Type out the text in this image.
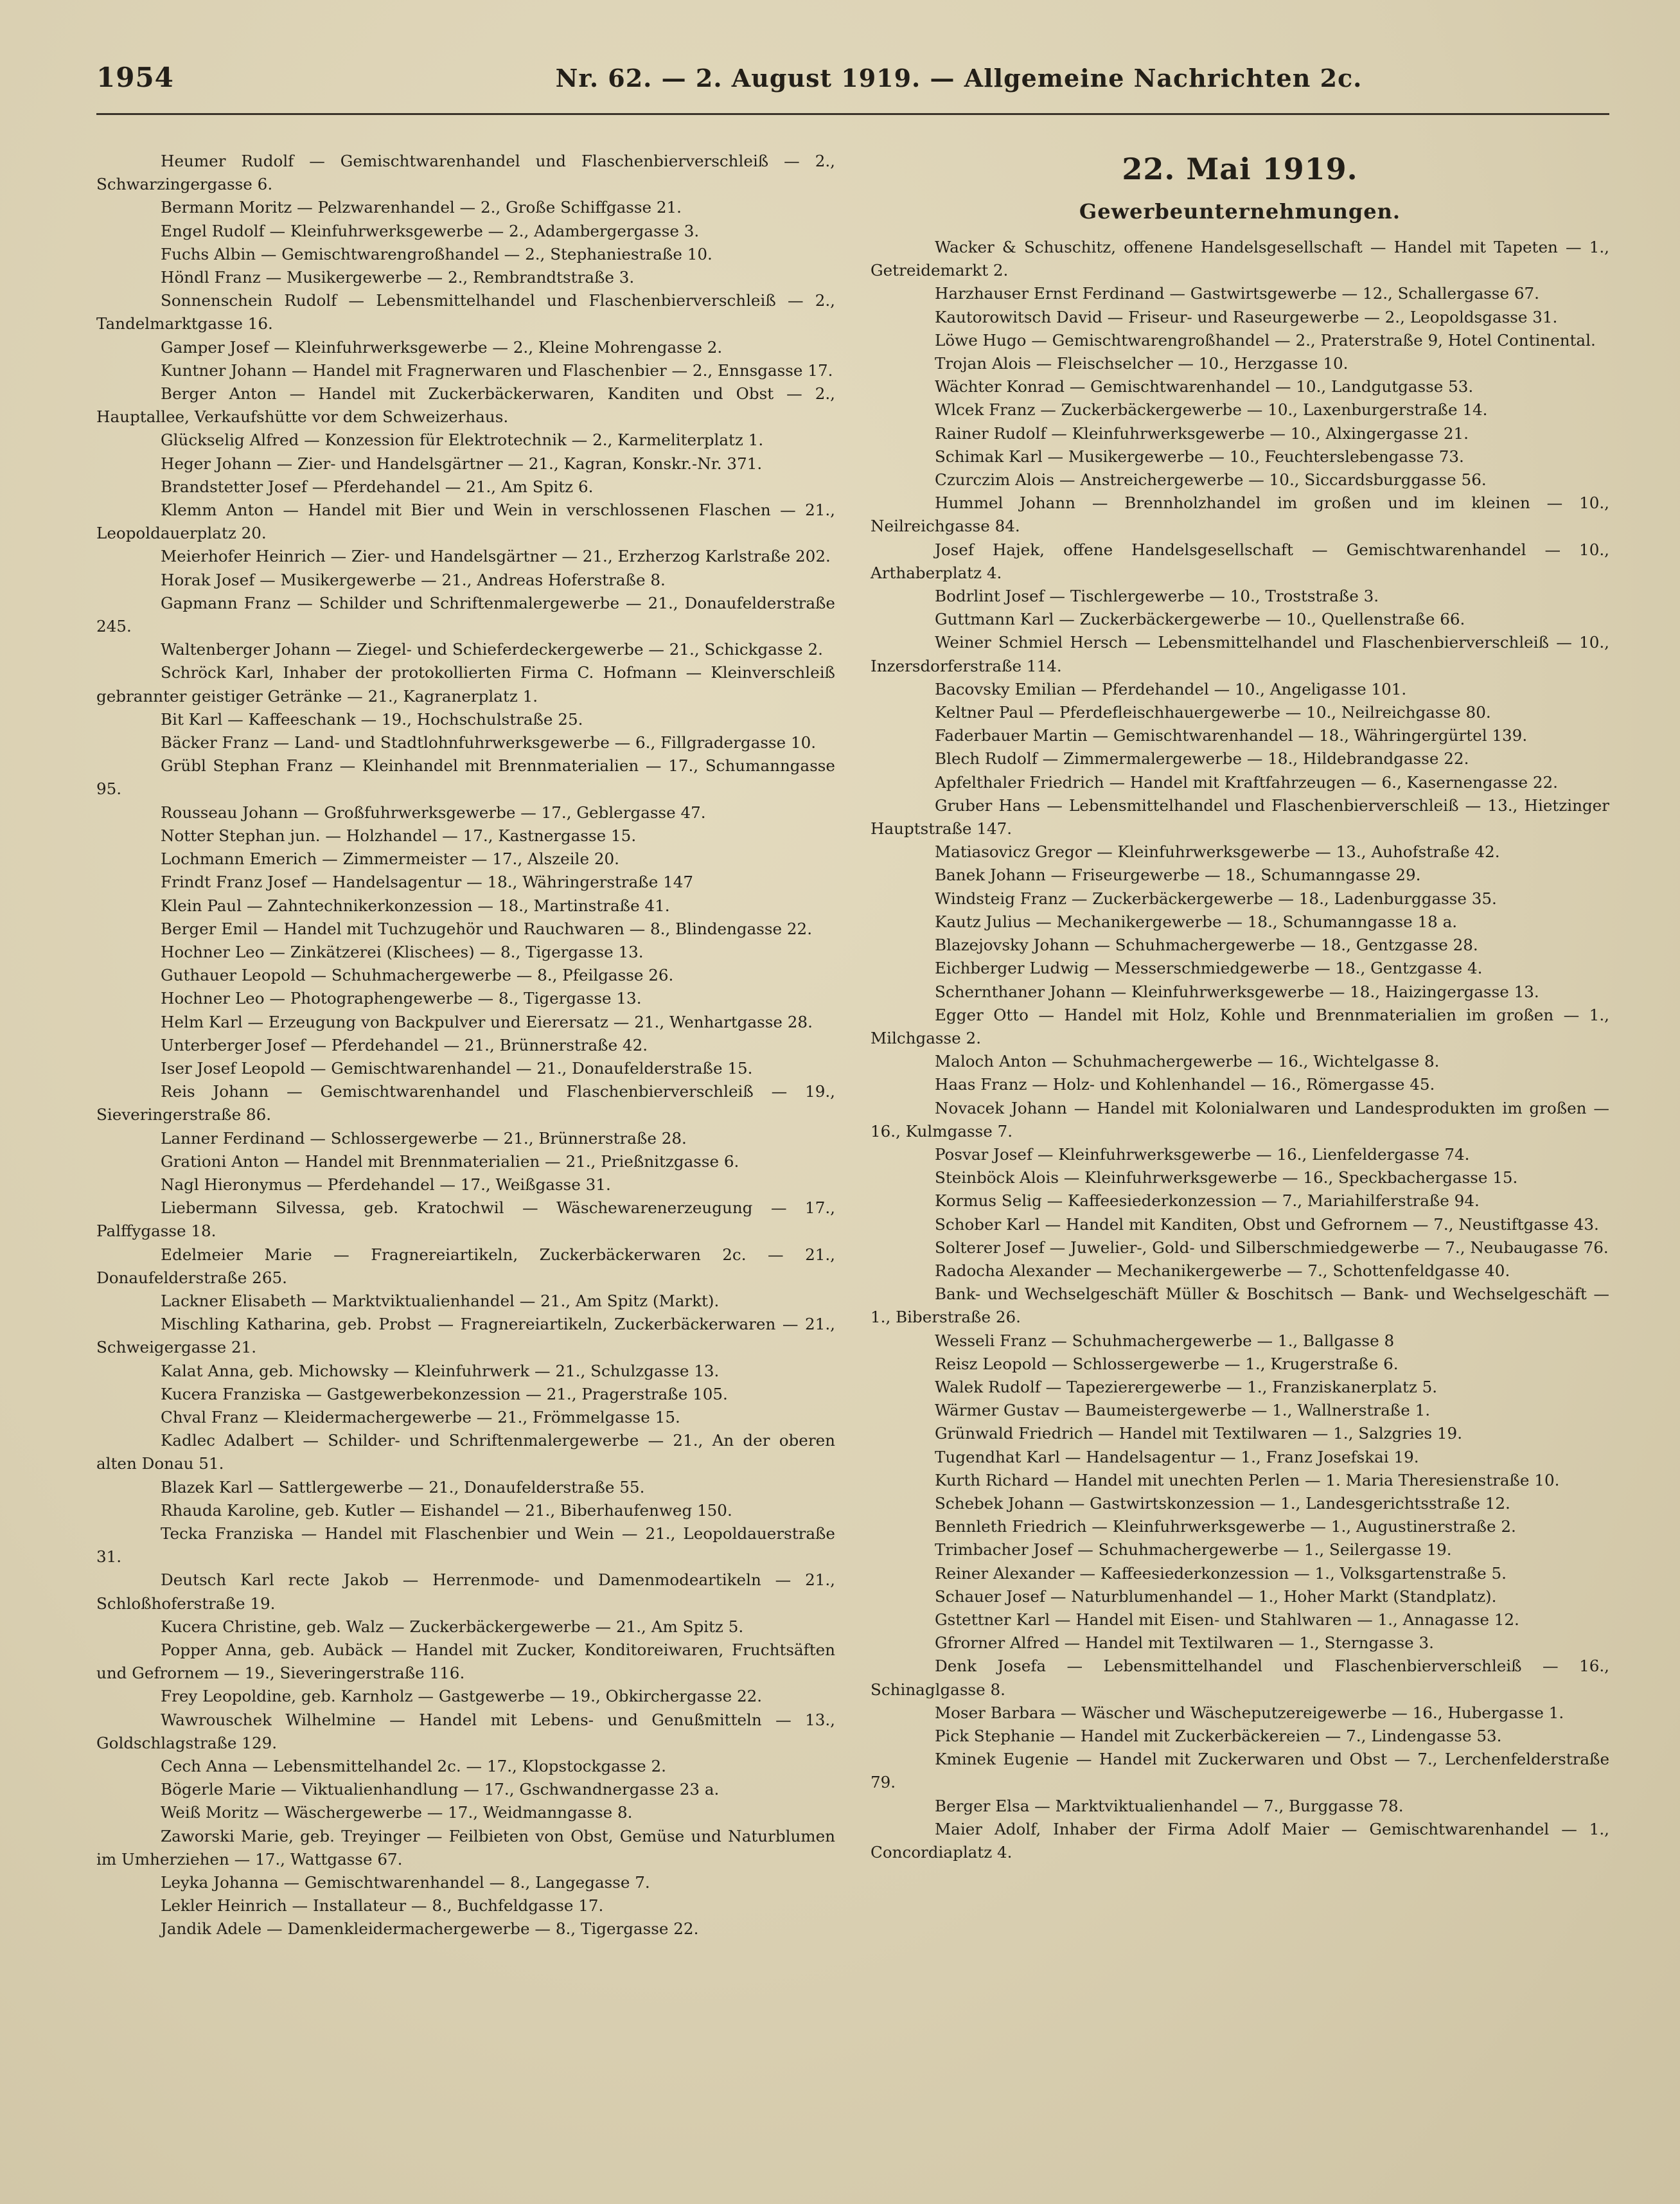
1954	Nr. 62. — 2. August 1919. — Allgemeine Nachrichten 2c.

Heumer Rudolf — Gemischtwarenhandel und Flaschenbierverschleiß — 2., Schwarzingergasse 6.

Bermann Moritz — Pelzwarenhandel — 2., Große Schiffgasse 21.

Engel Rudolf — Kleinfuhrwerksgewerbe — 2., Adambergergasse 3.

Fuchs Albin — Gemischtwarengroßhandel — 2., Stephaniestraße 10.

Höndl Franz — Musikergewerbe — 2., Rembrandtstraße 3.

Sonnenschein Rudolf — Lebensmittelhandel und Flaschenbierverschleiß — 2., Tandelmarktgasse 16.

Gamper Josef — Kleinfuhrwerksgewerbe — 2., Kleine Mohrengasse 2.

Kuntner Johann — Handel mit Fragnerwaren und Flaschenbier — 2., Ennsgasse 17.

Berger Anton — Handel mit Zuckerbäckerwaren, Kanditen und Obst — 2., Hauptallee, Verkaufshütte vor dem Schweizerhaus.

Glückselig Alfred — Konzession für Elektrotechnik — 2., Karmeliterplatz 1.

Heger Johann — Zier- und Handelsgärtner — 21., Kagran, Konskr.-Nr. 371.

Brandstetter Josef — Pferdehandel — 21., Am Spitz 6.

Klemm Anton — Handel mit Bier und Wein in verschlossenen Flaschen — 21., Leopoldauerplatz 20.

Meierhofer Heinrich — Zier- und Handelsgärtner — 21., Erzherzog Karlstraße 202.

Horak Josef — Musikergewerbe — 21., Andreas Hoferstraße 8.

Gapmann Franz — Schilder und Schriftenmalergewerbe — 21., Donaufelderstraße 245.

Waltenberger Johann — Ziegel- und Schieferdeckergewerbe — 21., Schickgasse 2.

Schröck Karl, Inhaber der protokollierten Firma C. Hofmann — Kleinverschleiß gebrannter geistiger Getränke — 21., Kagranerplatz 1.

Bit Karl — Kaffeeschank — 19., Hochschulstraße 25.

Bäcker Franz — Land- und Stadtlohnfuhrwerksgewerbe — 6., Fillgradergasse 10.

Grübl Stephan Franz — Kleinhandel mit Brennmaterialien — 17., Schumanngasse 95.

Rousseau Johann — Großfuhrwerksgewerbe — 17., Geblergasse 47.

Notter Stephan jun. — Holzhandel — 17., Kastnergasse 15.

Lochmann Emerich — Zimmermeister — 17., Alszeile 20.

Frindt Franz Josef — Handelsagentur — 18., Währingerstraße 147

Klein Paul — Zahntechnikerkonzession — 18., Martinstraße 41.

Berger Emil — Handel mit Tuchzugehör und Rauchwaren — 8., Blindengasse 22.

Hochner Leo — Zinkätzerei (Klischees) — 8., Tigergasse 13.

Guthauer Leopold — Schuhmachergewerbe — 8., Pfeilgasse 26.

Hochner Leo — Photographengewerbe — 8., Tigergasse 13.

Helm Karl — Erzeugung von Backpulver und Eierersatz — 21., Wenhartgasse 28.

Unterberger Josef — Pferdehandel — 21., Brünnerstraße 42.

Iser Josef Leopold — Gemischtwarenhandel — 21., Donaufelderstraße 15.

Reis Johann — Gemischtwarenhandel und Flaschenbierverschleiß — 19., Sieveringerstraße 86.

Lanner Ferdinand — Schlossergewerbe — 21., Brünnerstraße 28.

Grationi Anton — Handel mit Brennmaterialien — 21., Prießnitzgasse 6.

Nagl Hieronymus — Pferdehandel — 17., Weißgasse 31.

Liebermann Silvessa, geb. Kratochwil — Wäschewarenerzeugung — 17., Palffygasse 18.

Edelmeier Marie — Fragnereiartikeln, Zuckerbäckerwaren 2c. — 21., Donaufelderstraße 265.

Lackner Elisabeth — Marktviktualienhandel — 21., Am Spitz (Markt).

Mischling Katharina, geb. Probst — Fragnereiartikeln, Zuckerbäckerwaren — 21., Schweigergasse 21.

Kalat Anna, geb. Michowsky — Kleinfuhrwerk — 21., Schulzgasse 13.

Kucera Franziska — Gastgewerbekonzession — 21., Pragerstraße 105.

Chval Franz — Kleidermachergewerbe — 21., Frömmelgasse 15.

Kadlec Adalbert — Schilder- und Schriftenmalergewerbe — 21., An der oberen alten Donau 51.

Blazek Karl — Sattlergewerbe — 21., Donaufelderstraße 55.

Rhauda Karoline, geb. Kutler — Eishandel — 21., Biberhaufenweg 150.

Tecka Franziska — Handel mit Flaschenbier und Wein — 21., Leopoldauerstraße 31.

Deutsch Karl recte Jakob — Herrenmode- und Damenmodeartikeln — 21., Schloßhoferstraße 19.

Kucera Christine, geb. Walz — Zuckerbäckergewerbe — 21., Am Spitz 5.

Popper Anna, geb. Aubäck — Handel mit Zucker, Konditoreiwaren, Fruchtsäften und Gefrornem — 19., Sieveringerstraße 116.

Frey Leopoldine, geb. Karnholz — Gastgewerbe — 19., Obkirchergasse 22.

Wawrouschek Wilhelmine — Handel mit Lebens- und Genußmitteln — 13., Goldschlagstraße 129.

Cech Anna — Lebensmittelhandel 2c. — 17., Klopstockgasse 2.

Bögerle Marie — Viktualienhandlung — 17., Gschwandnergasse 23 a.

Weiß Moritz — Wäschergewerbe — 17., Weidmanngasse 8.

Zaworski Marie, geb. Treyinger — Feilbieten von Obst, Gemüse und Naturblumen im Umherziehen — 17., Wattgasse 67.

Leyka Johanna — Gemischtwarenhandel — 8., Langegasse 7.

Lekler Heinrich — Installateur — 8., Buchfeldgasse 17.

Jandik Adele — Damenkleidermachergewerbe — 8., Tigergasse 22.

22. Mai 1919.
Gewerbeunternehmungen.

Wacker & Schuschitz, offenene Handelsgesellschaft — Handel mit Tapeten — 1., Getreidemarkt 2.

Harzhauser Ernst Ferdinand — Gastwirtsgewerbe — 12., Schallergasse 67.

Kautorowitsch David — Friseur- und Raseurgewerbe — 2., Leopoldsgasse 31.

Löwe Hugo — Gemischtwarengroßhandel — 2., Praterstraße 9, Hotel Continental.

Trojan Alois — Fleischselcher — 10., Herzgasse 10.

Wächter Konrad — Gemischtwarenhandel — 10., Landgutgasse 53.

Wlcek Franz — Zuckerbäckergewerbe — 10., Laxenburgerstraße 14.

Rainer Rudolf — Kleinfuhrwerksgewerbe — 10., Alxingergasse 21.

Schimak Karl — Musikergewerbe — 10., Feuchterslebengasse 73.

Czurczim Alois — Anstreichergewerbe — 10., Siccardsburggasse 56.

Hummel Johann — Brennholzhandel im großen und im kleinen — 10., Neilreichgasse 84.

Josef Hajek, offene Handelsgesellschaft — Gemischtwarenhandel — 10., Arthaberplatz 4.

Bodrlint Josef — Tischlergewerbe — 10., Troststraße 3.

Guttmann Karl — Zuckerbäckergewerbe — 10., Quellenstraße 66.

Weiner Schmiel Hersch — Lebensmittelhandel und Flaschenbierverschleiß — 10., Inzersdorferstraße 114.

Bacovsky Emilian — Pferdehandel — 10., Angeligasse 101.

Keltner Paul — Pferdefleischhauergewerbe — 10., Neilreichgasse 80.

Faderbauer Martin — Gemischtwarenhandel — 18., Währingergürtel 139.

Blech Rudolf — Zimmermalergewerbe — 18., Hildebrandgasse 22.

Apfelthaler Friedrich — Handel mit Kraftfahrzeugen — 6., Kasernengasse 22.

Gruber Hans — Lebensmittelhandel und Flaschenbierverschleiß — 13., Hietzinger Hauptstraße 147.

Matiasovicz Gregor — Kleinfuhrwerksgewerbe — 13., Auhofstraße 42.

Banek Johann — Friseurgewerbe — 18., Schumanngasse 29.

Windsteig Franz — Zuckerbäckergewerbe — 18., Ladenburggasse 35.

Kautz Julius — Mechanikergewerbe — 18., Schumanngasse 18 a.

Blazejovsky Johann — Schuhmachergewerbe — 18., Gentzgasse 28.

Eichberger Ludwig — Messerschmiedgewerbe — 18., Gentzgasse 4.

Schernthaner Johann — Kleinfuhrwerksgewerbe — 18., Haizingergasse 13.

Egger Otto — Handel mit Holz, Kohle und Brennmaterialien im großen — 1., Milchgasse 2.

Maloch Anton — Schuhmachergewerbe — 16., Wichtelgasse 8.

Haas Franz — Holz- und Kohlenhandel — 16., Römergasse 45.

Novacek Johann — Handel mit Kolonialwaren und Landesprodukten im großen — 16., Kulmgasse 7.

Posvar Josef — Kleinfuhrwerksgewerbe — 16., Lienfeldergasse 74.

Steinböck Alois — Kleinfuhrwerksgewerbe — 16., Speckbachergasse 15.

Kormus Selig — Kaffeesiederkonzession — 7., Mariahilferstraße 94.

Schober Karl — Handel mit Kanditen, Obst und Gefrornem — 7., Neustiftgasse 43.

Solterer Josef — Juwelier-, Gold- und Silberschmiedgewerbe — 7., Neubaugasse 76.

Radocha Alexander — Mechanikergewerbe — 7., Schottenfeldgasse 40.

Bank- und Wechselgeschäft Müller & Boschitsch — Bank- und Wechselgeschäft — 1., Biberstraße 26.

Wesseli Franz — Schuhmachergewerbe — 1., Ballgasse 8

Reisz Leopold — Schlossergewerbe — 1., Krugerstraße 6.

Walek Rudolf — Tapezierergewerbe — 1., Franziskanerplatz 5.

Wärmer Gustav — Baumeistergewerbe — 1., Wallnerstraße 1.

Grünwald Friedrich — Handel mit Textilwaren — 1., Salzgries 19.

Tugendhat Karl — Handelsagentur — 1., Franz Josefskai 19.

Kurth Richard — Handel mit unechten Perlen — 1. Maria Theresienstraße 10.

Schebek Johann — Gastwirtskonzession — 1., Landesgerichtsstraße 12.

Bennleth Friedrich — Kleinfuhrwerksgewerbe — 1., Augustinerstraße 2.

Trimbacher Josef — Schuhmachergewerbe — 1., Seilergasse 19.

Reiner Alexander — Kaffeesiederkonzession — 1., Volksgartenstraße 5.

Schauer Josef — Naturblumenhandel — 1., Hoher Markt (Standplatz).

Gstettner Karl — Handel mit Eisen- und Stahlwaren — 1., Annagasse 12.

Gfrorner Alfred — Handel mit Textilwaren — 1., Sterngasse 3.

Denk Josefa — Lebensmittelhandel und Flaschenbierverschleiß — 16., Schinaglgasse 8.

Moser Barbara — Wäscher und Wäscheputzereigewerbe — 16., Hubergasse 1.

Pick Stephanie — Handel mit Zuckerbäckereien — 7., Lindengasse 53.

Kminek Eugenie — Handel mit Zuckerwaren und Obst — 7., Lerchenfelderstraße 79.

Berger Elsa — Marktviktualienhandel — 7., Burggasse 78.

Maier Adolf, Inhaber der Firma Adolf Maier — Gemischtwarenhandel — 1., Concordiaplatz 4.
